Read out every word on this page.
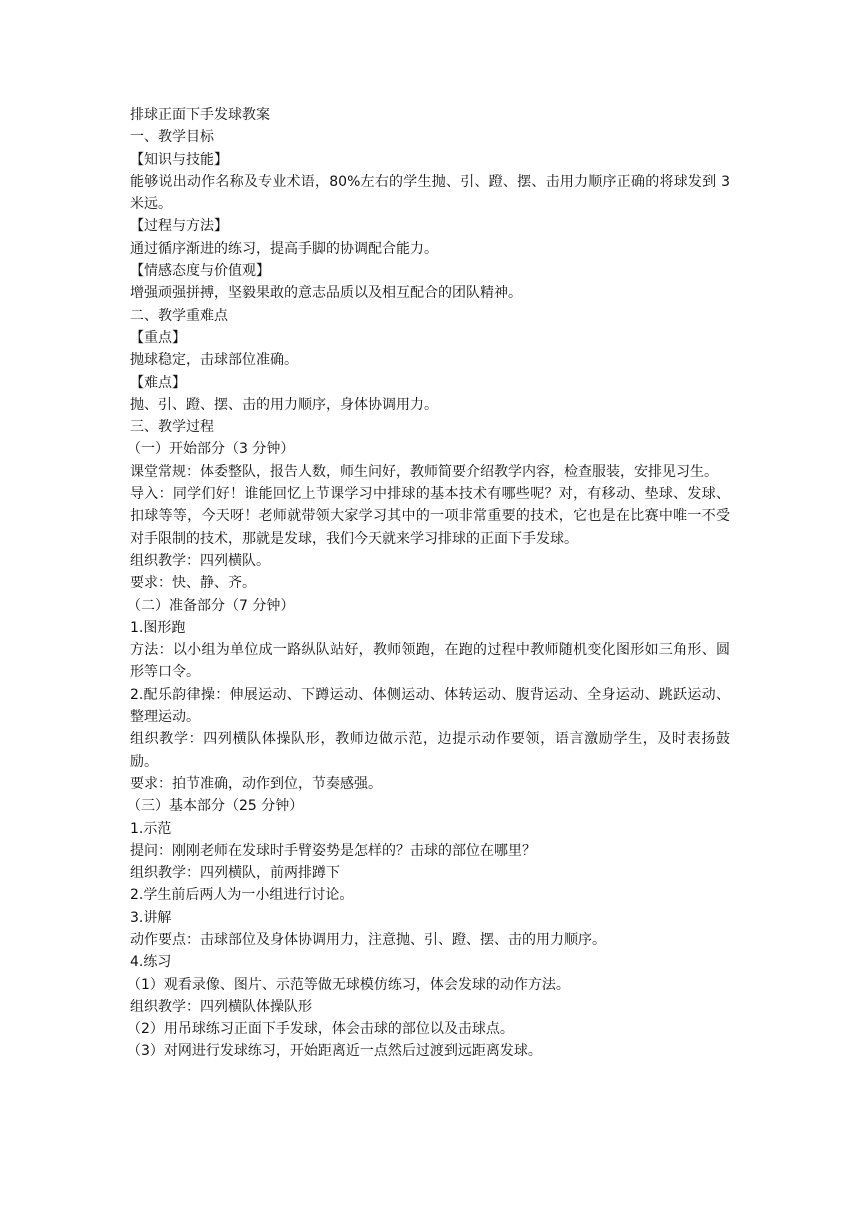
排球正面下手发球教案

一、教学目标

【知识与技能】

能够说出动作名称及专业术语，80%左右的学生抛、引、蹬、摆、击用力顺序正确的将球发到 3 米远。

【过程与方法】

通过循序渐进的练习，提高手脚的协调配合能力。

【情感态度与价值观】

增强顽强拼搏，坚毅果敢的意志品质以及相互配合的团队精神。

二、教学重难点

【重点】

抛球稳定，击球部位准确。

【难点】

抛、引、蹬、摆、击的用力顺序，身体协调用力。

三、教学过程

（一）开始部分（3 分钟）

课堂常规：体委整队，报告人数，师生问好，教师简要介绍教学内容，检查服装，安排见习生。

导入：同学们好！谁能回忆上节课学习中排球的基本技术有哪些呢？对，有移动、垫球、发球、扣球等等，今天呀！老师就带领大家学习其中的一项非常重要的技术，它也是在比赛中唯一不受对手限制的技术，那就是发球，我们今天就来学习排球的正面下手发球。

组织教学：四列横队。

要求：快、静、齐。

（二）准备部分（7 分钟）

1.图形跑

方法：以小组为单位成一路纵队站好，教师领跑，在跑的过程中教师随机变化图形如三角形、圆形等口令。

2.配乐韵律操：伸展运动、下蹲运动、体侧运动、体转运动、腹背运动、全身运动、跳跃运动、整理运动。

组织教学：四列横队体操队形，教师边做示范，边提示动作要领，语言激励学生，及时表扬鼓励。

要求：拍节准确，动作到位，节奏感强。

（三）基本部分（25 分钟）

1.示范

提问：刚刚老师在发球时手臂姿势是怎样的？击球的部位在哪里？

组织教学：四列横队，前两排蹲下

2.学生前后两人为一小组进行讨论。

3.讲解

动作要点：击球部位及身体协调用力，注意抛、引、蹬、摆、击的用力顺序。

4.练习

（1）观看录像、图片、示范等做无球模仿练习，体会发球的动作方法。

组织教学：四列横队体操队形

（2）用吊球练习正面下手发球，体会击球的部位以及击球点。

（3）对网进行发球练习，开始距离近一点然后过渡到远距离发球。
